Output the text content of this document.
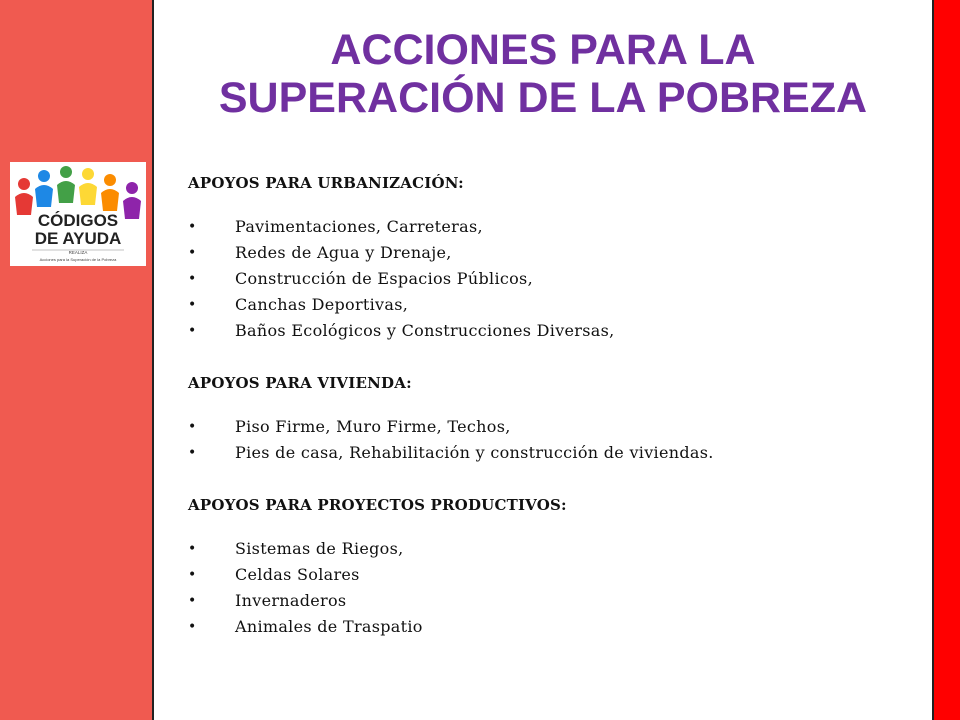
CÓDIGOS
DE AYUDA
REALIZA
Acciones para la Superación de la Pobreza
ACCIONES PARA LA
SUPERACIÓN DE LA POBREZA
APOYOS PARA URBANIZACIÓN:
• Pavimentaciones, Carreteras,
• Redes de Agua y Drenaje,
• Construcción de Espacios Públicos,
• Canchas Deportivas,
• Baños Ecológicos y Construcciones Diversas,
APOYOS PARA VIVIENDA:
• Piso Firme, Muro Firme, Techos,
• Pies de casa, Rehabilitación y construcción de viviendas.
APOYOS PARA PROYECTOS PRODUCTIVOS:
• Sistemas de Riegos,
• Celdas Solares
• Invernaderos
• Animales de Traspatio
